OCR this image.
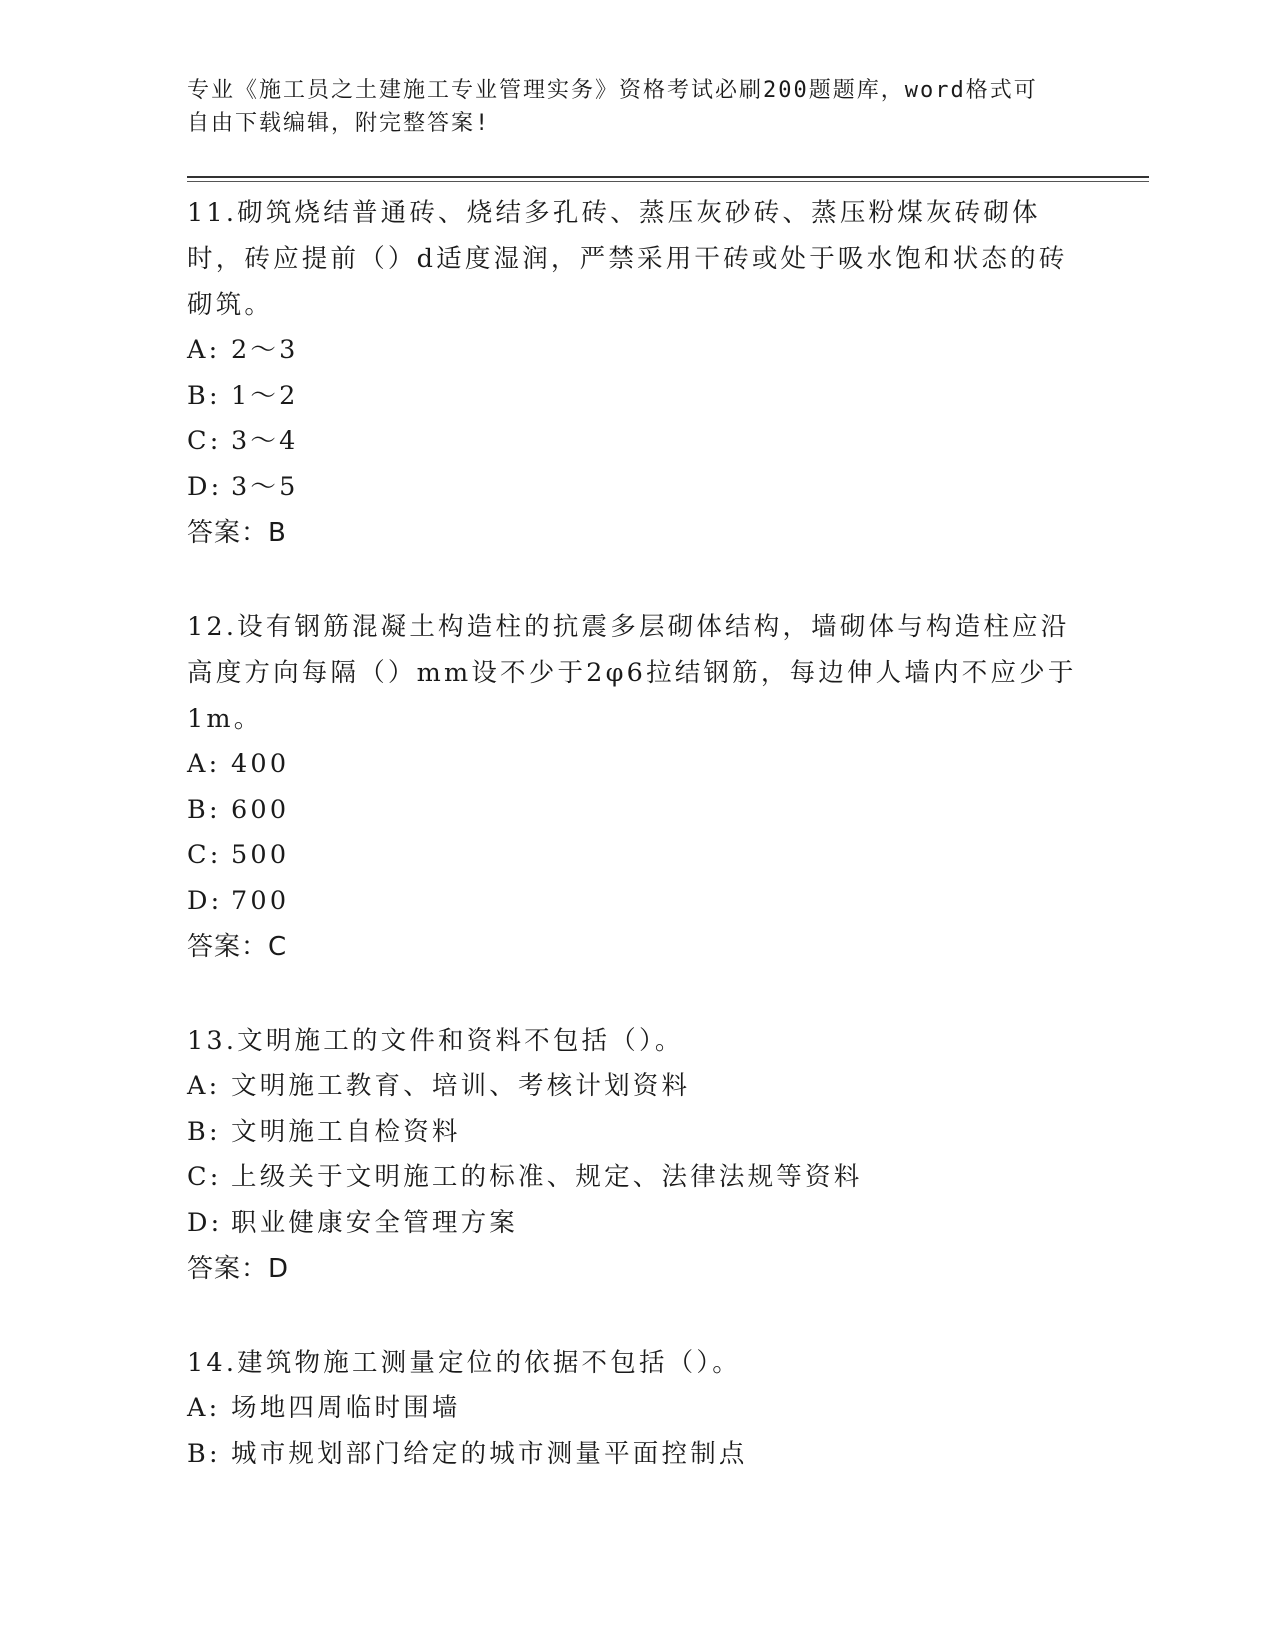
专业《施工员之土建施工专业管理实务》资格考试必刷200题题库，word格式可
自由下载编辑，附完整答案!

11.砌筑烧结普通砖、烧结多孔砖、蒸压灰砂砖、蒸压粉煤灰砖砌体时，砖应提前（）d适度湿润，严禁采用干砖或处于吸水饱和状态的砖砌筑。

A: 2～3

B: 1～2

C: 3～4

D: 3～5

答案：B

12.设有钢筋混凝土构造柱的抗震多层砌体结构，墙砌体与构造柱应沿高度方向每隔（）mm设不少于2φ6拉结钢筋，每边伸人墙内不应少于1m。

A: 400

B: 600

C: 500

D: 700

答案：C

13.文明施工的文件和资料不包括（）。

A: 文明施工教育、培训、考核计划资料

B: 文明施工自检资料

C: 上级关于文明施工的标准、规定、法律法规等资料

D: 职业健康安全管理方案

答案：D

14.建筑物施工测量定位的依据不包括（）。

A: 场地四周临时围墙

B: 城市规划部门给定的城市测量平面控制点
